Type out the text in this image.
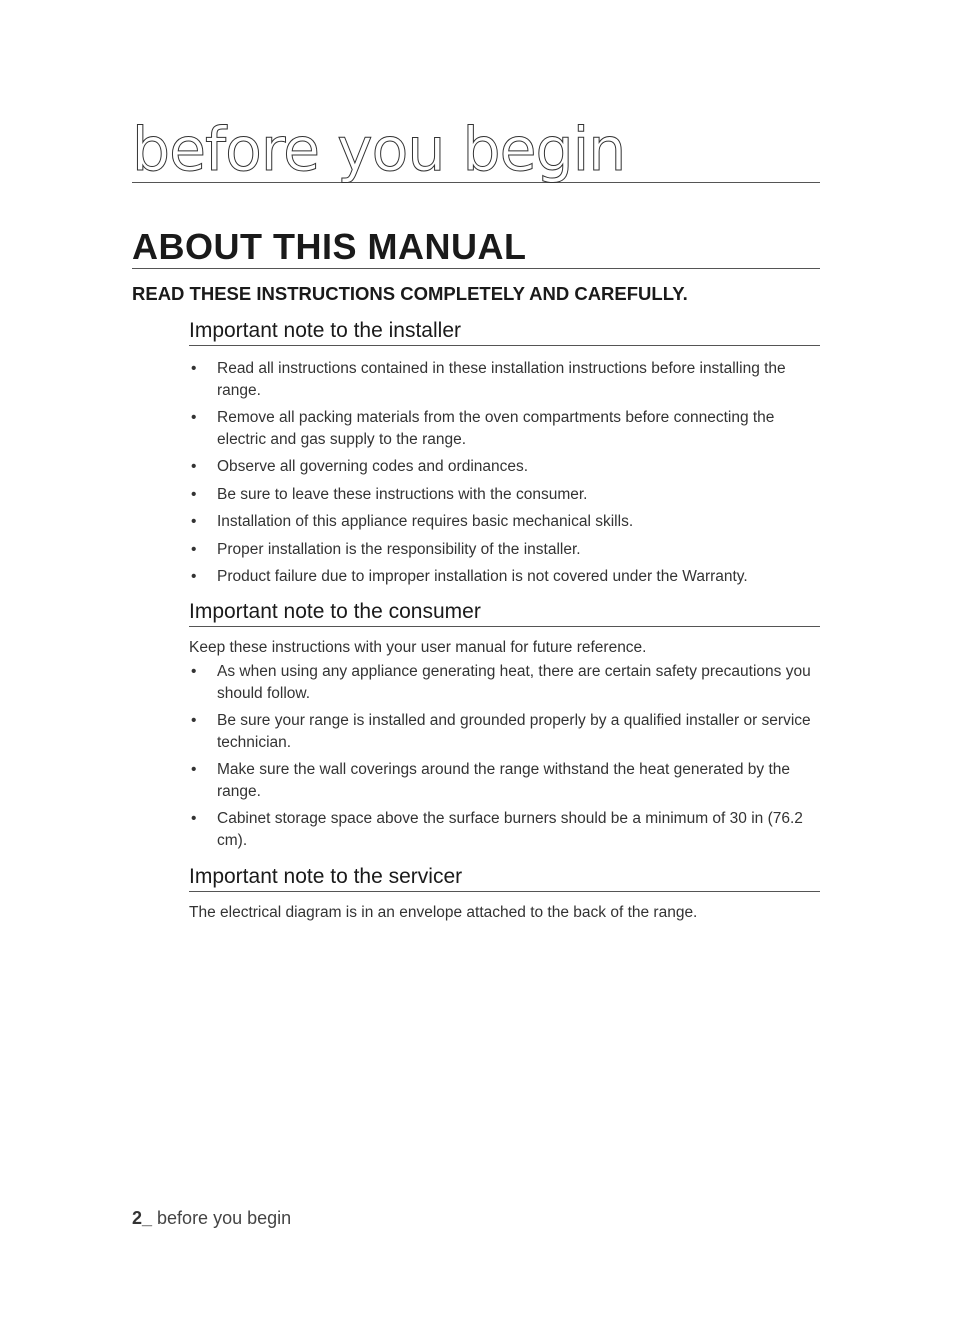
before you begin
ABOUT THIS MANUAL
READ THESE INSTRUCTIONS COMPLETELY AND CAREFULLY.
Important note to the installer
• Read all instructions contained in these installation instructions before installing the range.
• Remove all packing materials from the oven compartments before connecting the electric and gas supply to the range.
• Observe all governing codes and ordinances.
• Be sure to leave these instructions with the consumer.
• Installation of this appliance requires basic mechanical skills.
• Proper installation is the responsibility of the installer.
• Product failure due to improper installation is not covered under the Warranty.
Important note to the consumer
Keep these instructions with your user manual for future reference.
• As when using any appliance generating heat, there are certain safety precautions you should follow.
• Be sure your range is installed and grounded properly by a qualified installer or service technician.
• Make sure the wall coverings around the range withstand the heat generated by the range.
• Cabinet storage space above the surface burners should be a minimum of 30 in (76.2 cm).
Important note to the servicer
The electrical diagram is in an envelope attached to the back of the range.
2_ before you begin
